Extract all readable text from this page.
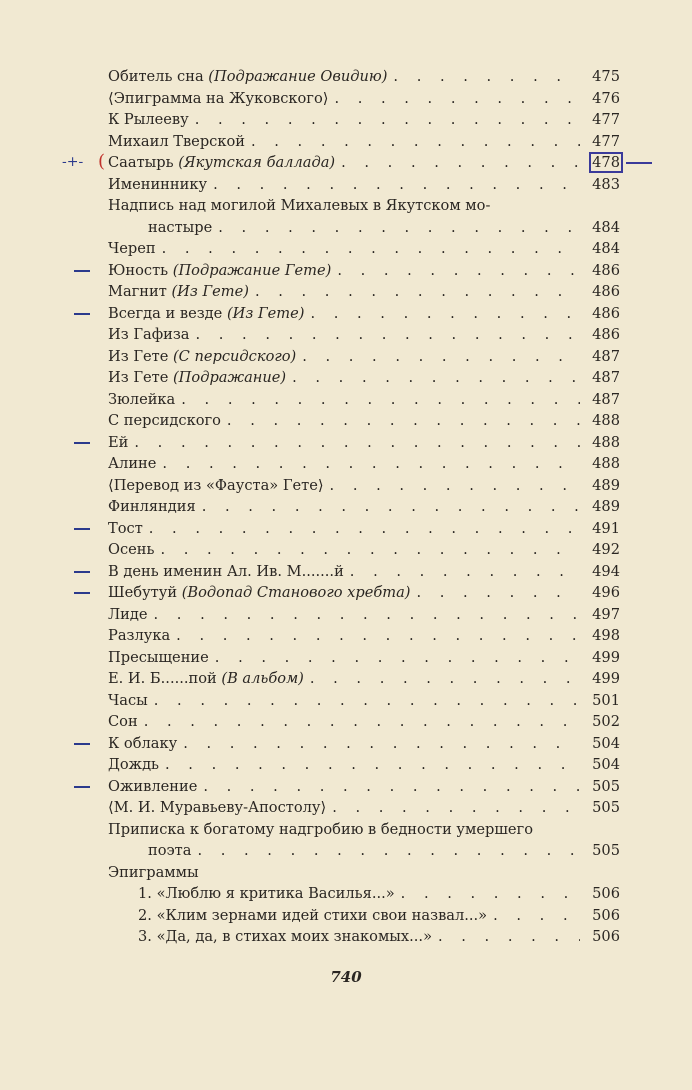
Обитель сна (Подражание Овидию) . . .	475
⟨Эпиграмма на Жуковского⟩ . . .	476
К Рылееву . . .	477
Михаил Тверской . . .	477
Саатырь (Якутская баллада) . . .	478
-+- (
Имениннику . . .	483
Надпись над могилой Михалевых в Якутском мо-
настыре . . .	484
Череп . . .	484
Юность (Подражание Гете) . . .	486
Магнит (Из Гете) . . .	486
Всегда и везде (Из Гете) . . .	486
Из Гафиза . . .	486
Из Гете (С персидского) . . .	487
Из Гете (Подражание) . . .	487
Зюлейка . . .	487
С персидского . . .	488
Ей . . .	488
Алине . . .	488
⟨Перевод из «Фауста» Гете⟩ . . .	489
Финляндия . . .	489
Тост . . .	491
Осень . . .	492
В день именин Ал. Ив. М.......й . . .	494
Шебутуй (Водопад Станового хребта) . . .	496
Лиде . . .	497
Разлука . . .	498
Пресыщение . . .	499
Е. И. Б......пой (В альбом) . . .	499
Часы . . .	501
Сон . . .	502
К облаку . . .	504
Дождь . . .	504
Оживление . . .	505
⟨М. И. Муравьеву-Апостолу⟩ . . .	505
Приписка к богатому надгробию в бедности умершего
поэта . . .	505
Эпиграммы
1. «Люблю я критика Василья...» . . .	506
2. «Клим зернами идей стихи свои назвал...» . . .	506
3. «Да, да, в стихах моих знакомых...» . . .	506
740
